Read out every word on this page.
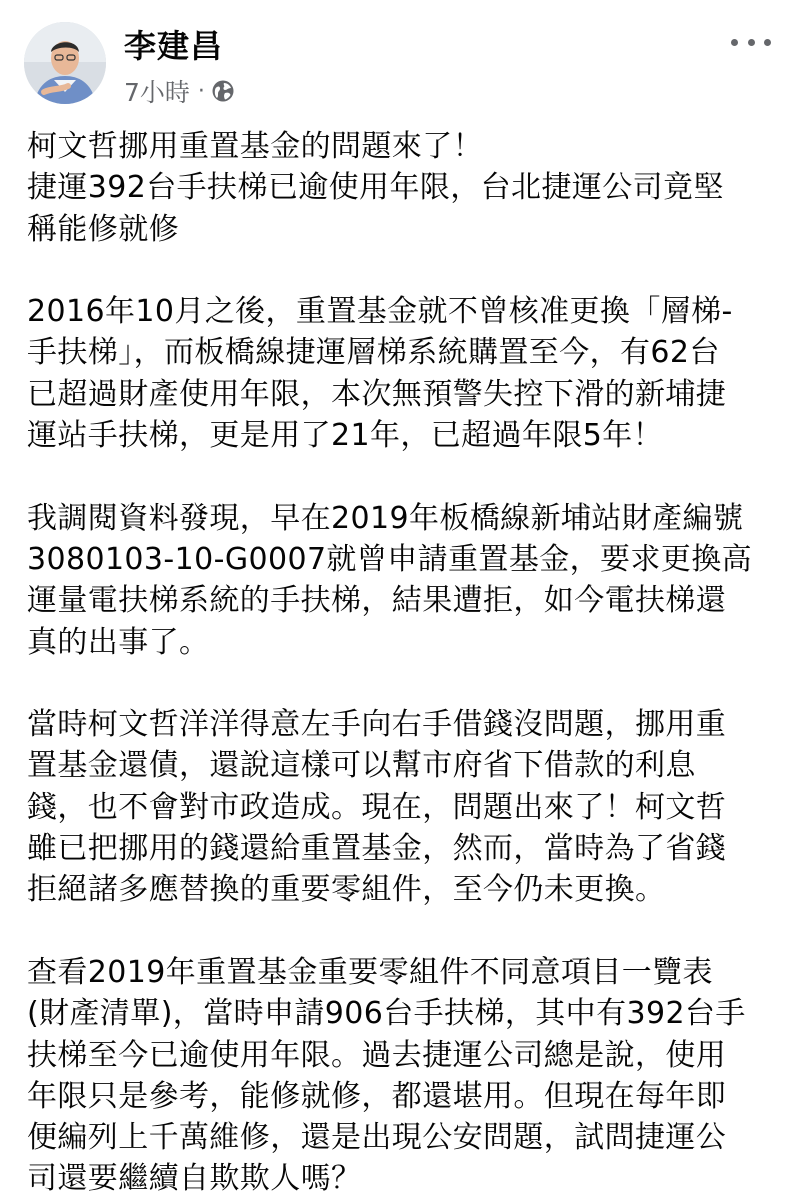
李建昌
7小時 ·

柯文哲挪用重置基金的問題來了！
捷運392台手扶梯已逾使用年限，台北捷運公司竟堅
稱能修就修

2016年10月之後，重置基金就不曾核准更換「層梯-
手扶梯」，而板橋線捷運層梯系統購置至今，有62台
已超過財產使用年限，本次無預警失控下滑的新埔捷
運站手扶梯，更是用了21年，已超過年限5年！

我調閱資料發現，早在2019年板橋線新埔站財產編號
3080103-10-G0007就曾申請重置基金，要求更換高
運量電扶梯系統的手扶梯，結果遭拒，如今電扶梯還
真的出事了。

當時柯文哲洋洋得意左手向右手借錢沒問題，挪用重
置基金還債，還說這樣可以幫市府省下借款的利息
錢，也不會對市政造成。現在，問題出來了！柯文哲
雖已把挪用的錢還給重置基金，然而，當時為了省錢
拒絕諸多應替換的重要零組件，至今仍未更換。

查看2019年重置基金重要零組件不同意項目一覽表
(財產清單)，當時申請906台手扶梯，其中有392台手
扶梯至今已逾使用年限。過去捷運公司總是說，使用
年限只是參考，能修就修，都還堪用。但現在每年即
便編列上千萬維修，還是出現公安問題，試問捷運公
司還要繼續自欺欺人嗎？
